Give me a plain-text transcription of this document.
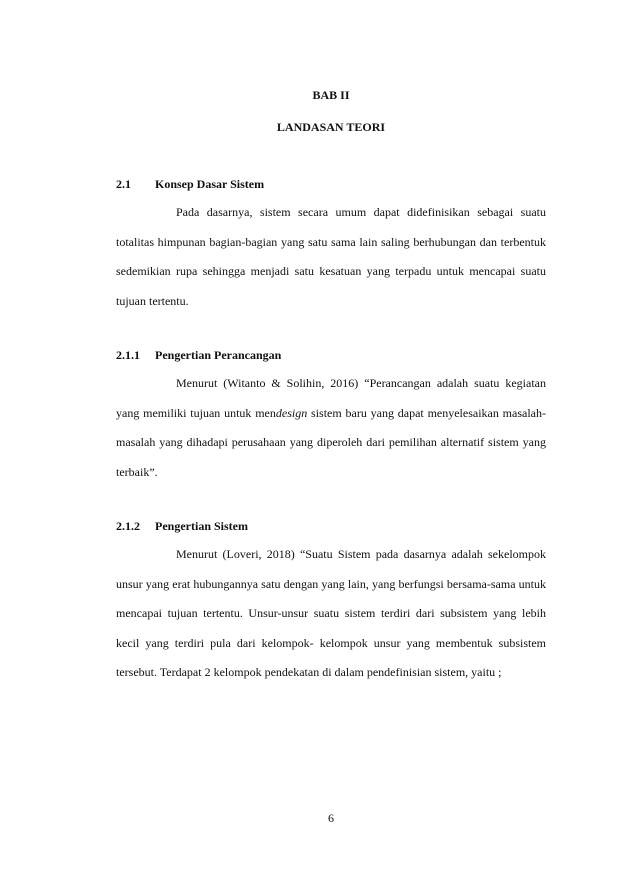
BAB II
LANDASAN TEORI
2.1 Konsep Dasar Sistem

Pada dasarnya, sistem secara umum dapat didefinisikan sebagai suatu totalitas himpunan bagian-bagian yang satu sama lain saling berhubungan dan terbentuk sedemikian rupa sehingga menjadi satu kesatuan yang terpadu untuk mencapai suatu tujuan tertentu.

2.1.1 Pengertian Perancangan

Menurut (Witanto & Solihin, 2016) “Perancangan adalah suatu kegiatan yang memiliki tujuan untuk mendesign sistem baru yang dapat menyelesaikan masalah-masalah yang dihadapi perusahaan yang diperoleh dari pemilihan alternatif sistem yang terbaik”.

2.1.2 Pengertian Sistem

Menurut (Loveri, 2018) “Suatu Sistem pada dasarnya adalah sekelompok unsur yang erat hubungannya satu dengan yang lain, yang berfungsi bersama-sama untuk mencapai tujuan tertentu. Unsur-unsur suatu sistem terdiri dari subsistem yang lebih kecil yang terdiri pula dari kelompok- kelompok unsur yang membentuk subsistem tersebut. Terdapat 2 kelompok pendekatan di dalam pendefinisian sistem, yaitu ;

6
